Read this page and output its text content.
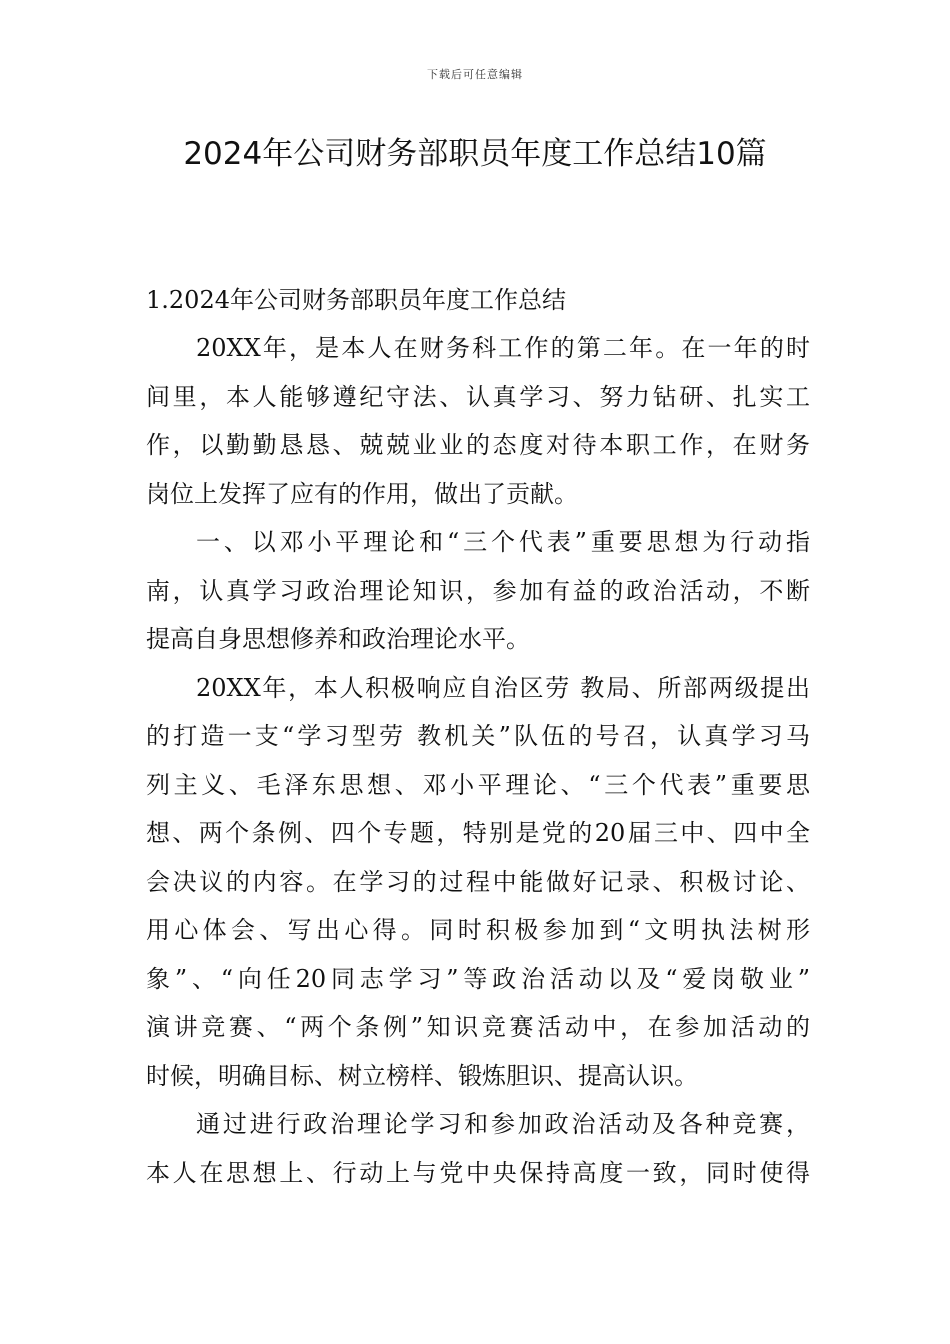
下载后可任意编辑
2024年公司财务部职员年度工作总结10篇
1.2024年公司财务部职员年度工作总结

20XX年，是本人在财务科工作的第二年。在一年的时
间里，本人能够遵纪守法、认真学习、努力钻研、扎实工
作，以勤勤恳恳、兢兢业业的态度对待本职工作，在财务
岗位上发挥了应有的作用，做出了贡献。

一、以邓小平理论和“三个代表”重要思想为行动指
南，认真学习政治理论知识，参加有益的政治活动，不断
提高自身思想修养和政治理论水平。

20XX年，本人积极响应自治区劳 教局、所部两级提出
的打造一支“学习型劳 教机关”队伍的号召，认真学习马
列主义、毛泽东思想、邓小平理论、“三个代表”重要思
想、两个条例、四个专题，特别是党的20届三中、四中全
会决议的内容。在学习的过程中能做好记录、积极讨论、
用心体会、写出心得。同时积极参加到“文明执法树形
象”、“向任20同志学习”等政治活动以及“爱岗敬业”
演讲竞赛、“两个条例”知识竞赛活动中，在参加活动的
时候，明确目标、树立榜样、锻炼胆识、提高认识。

通过进行政治理论学习和参加政治活动及各种竞赛，
本人在思想上、行动上与党中央保持高度一致，同时使得
